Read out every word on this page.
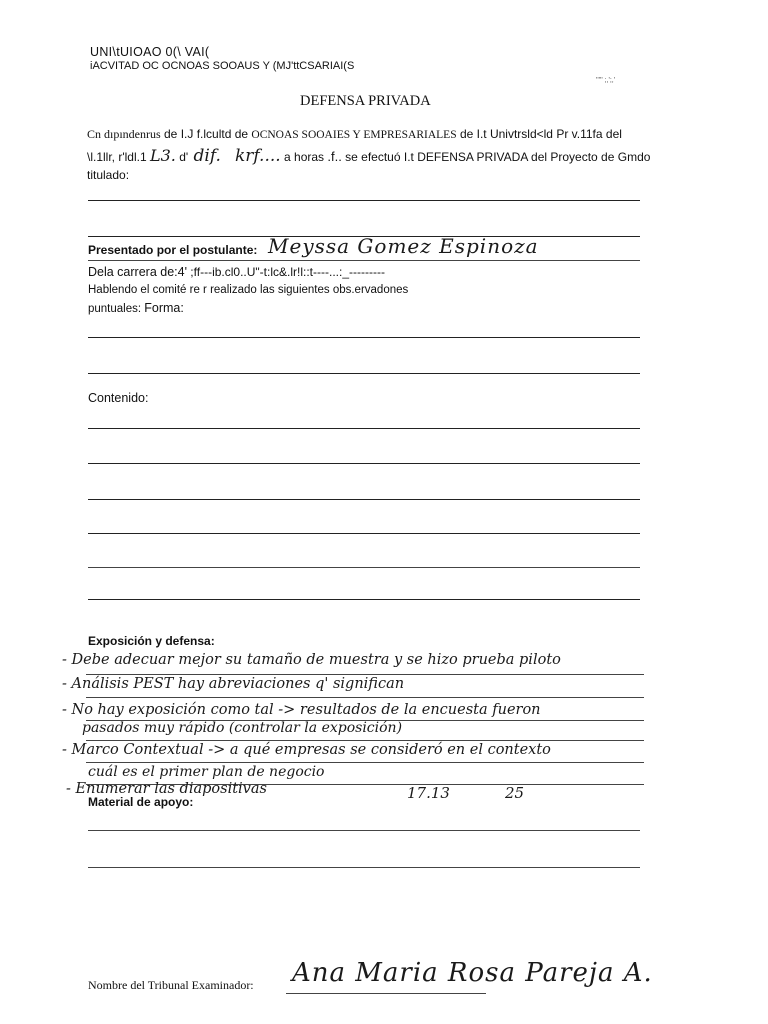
UNI\tUIOAO 0(\ VAI(
iACVITAD OC OCNOAS SOOAUS Y (MJ'ttCSARIAI(S
''''' ;,';,'
DEFENSA PRIVADA
Cn dıpındenrus de I.J f.lcultd de OCNOAS SOOAIES Y EMPRESARIALES de I.t Univtrsld<ld Pr v.11fa del
\l.1llr, r'ldl.1 L3. d' dif. krf.... a horas .f.. se efectuó I.t DEFENSA PRIVADA del Proyecto de Gmdo
titulado:
Presentado por el postulante: Meyssa Gomez Espinoza
Dela carrera de:4' ;ff---ib.cl0..U"-t:lc&.lr!l::t----...:_---------
Hablendo el comité re r realizado las siguientes obs.ervadones
puntuales: Forma:
Contenido:
Exposición y defensa:
- Debe adecuar mejor su tamaño de muestra y se hizo prueba piloto
- Análisis PEST hay abreviaciones q' significan
- No hay exposición como tal -> resultados de la encuesta fueron
pasados muy rápido (controlar la exposición)
- Marco Contextual -> a qué empresas se consideró en el contexto
cuál es el primer plan de negocio
- Enumerar las diapositivas	17.13	25
Material de apoyo:
Nombre del Tribunal Examinador: Ana Maria Rosa Pareja A.
